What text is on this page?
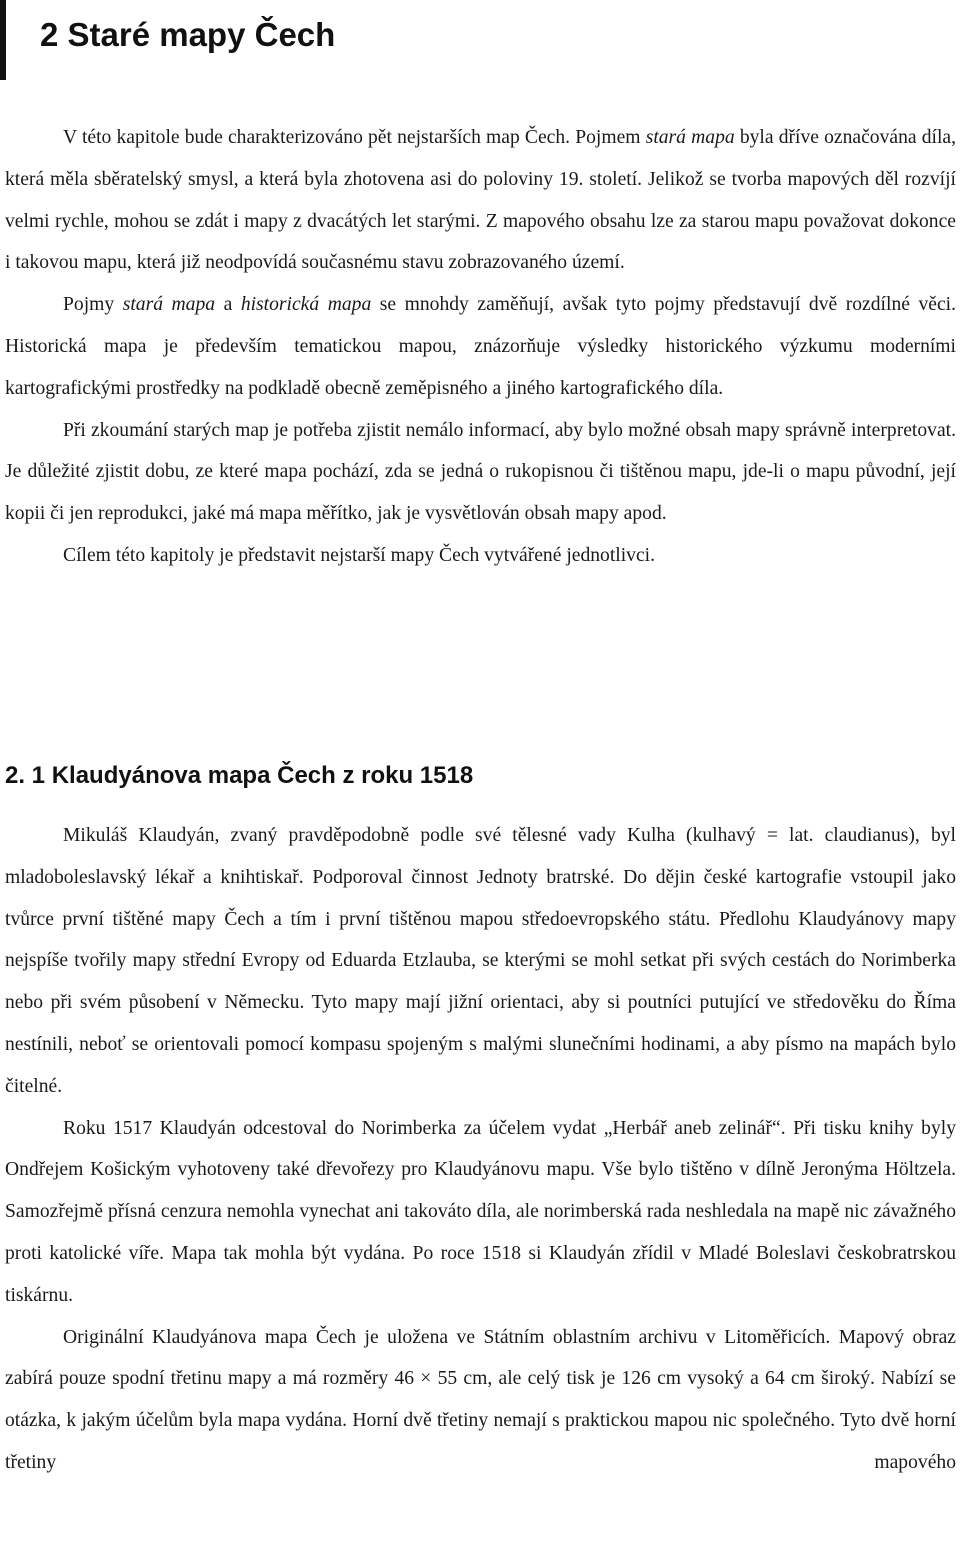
2 Staré mapy Čech

V této kapitole bude charakterizováno pět nejstarších map Čech. Pojmem stará mapa byla dříve označována díla, která měla sběratelský smysl, a která byla zhotovena asi do poloviny 19. století. Jelikož se tvorba mapových děl rozvíjí velmi rychle, mohou se zdát i mapy z dvacátých let starými. Z mapového obsahu lze za starou mapu považovat dokonce i takovou mapu, která již neodpovídá současnému stavu zobrazovaného území.

Pojmy stará mapa a historická mapa se mnohdy zaměňují, avšak tyto pojmy představují dvě rozdílné věci. Historická mapa je především tematickou mapou, znázorňuje výsledky historického výzkumu moderními kartografickými prostředky na podkladě obecně zeměpisného a jiného kartografického díla.

Při zkoumání starých map je potřeba zjistit nemálo informací, aby bylo možné obsah mapy správně interpretovat. Je důležité zjistit dobu, ze které mapa pochází, zda se jedná o rukopisnou či tištěnou mapu, jde-li o mapu původní, její kopii či jen reprodukci, jaké má mapa měřítko, jak je vysvětlován obsah mapy apod.

Cílem této kapitoly je představit nejstarší mapy Čech vytvářené jednotlivci.

2. 1 Klaudyánova mapa Čech z roku 1518

Mikuláš Klaudyán, zvaný pravděpodobně podle své tělesné vady Kulha (kulhavý = lat. claudianus), byl mladoboleslavský lékař a knihtiskař. Podporoval činnost Jednoty bratrské. Do dějin české kartografie vstoupil jako tvůrce první tištěné mapy Čech a tím i první tištěnou mapou středoevropského státu. Předlohu Klaudyánovy mapy nejspíše tvořily mapy střední Evropy od Eduarda Etzlauba, se kterými se mohl setkat při svých cestách do Norimberka nebo při svém působení v Německu. Tyto mapy mají jižní orientaci, aby si poutníci putující ve středověku do Říma nestínili, neboť se orientovali pomocí kompasu spojeným s malými slunečními hodinami, a aby písmo na mapách bylo čitelné.

Roku 1517 Klaudyán odcestoval do Norimberka za účelem vydat „Herbář aneb zelinář“. Při tisku knihy byly Ondřejem Košickým vyhotoveny také dřevořezy pro Klaudyánovu mapu. Vše bylo tištěno v dílně Jeronýma Höltzela. Samozřejmě přísná cenzura nemohla vynechat ani takováto díla, ale norimberská rada neshledala na mapě nic závažného proti katolické víře. Mapa tak mohla být vydána. Po roce 1518 si Klaudyán zřídil v Mladé Boleslavi českobratrskou tiskárnu.

Originální Klaudyánova mapa Čech je uložena ve Státním oblastním archivu v Litoměřicích. Mapový obraz zabírá pouze spodní třetinu mapy a má rozměry 46 × 55 cm, ale celý tisk je 126 cm vysoký a 64 cm široký. Nabízí se otázka, k jakým účelům byla mapa vydána. Horní dvě třetiny nemají s praktickou mapou nic společného. Tyto dvě horní třetiny mapového
